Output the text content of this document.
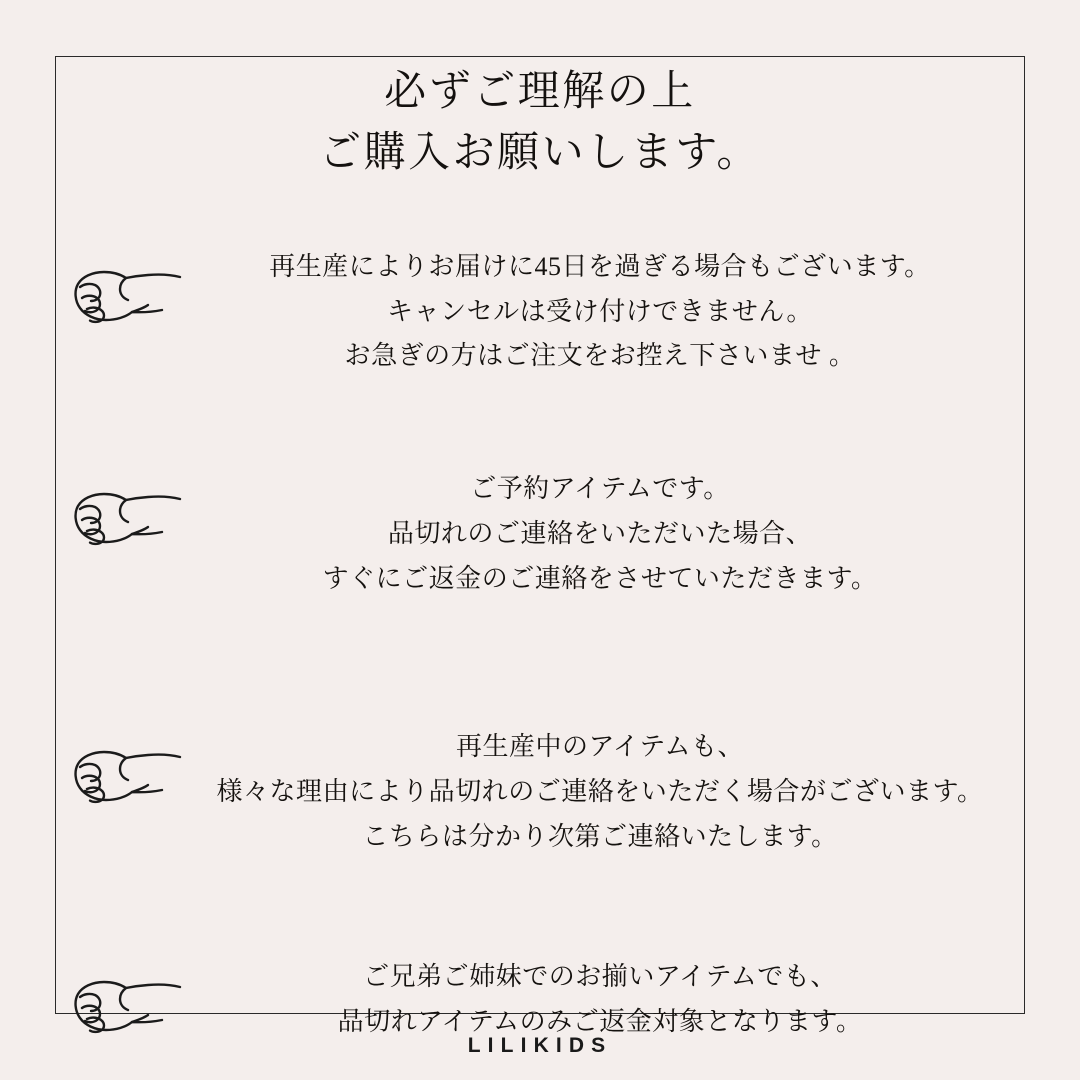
必ずご理解の上
ご購入お願いします。
再生産によりお届けに45日を過ぎる場合もございます。
キャンセルは受け付けできません。
お急ぎの方はご注文をお控え下さいませ 。
ご予約アイテムです。
品切れのご連絡をいただいた場合、
すぐにご返金のご連絡をさせていただきます。
再生産中のアイテムも、
様々な理由により品切れのご連絡をいただく場合がございます。
こちらは分かり次第ご連絡いたします。
ご兄弟ご姉妹でのお揃いアイテムでも、
品切れアイテムのみご返金対象となります。
LILIKIDS
